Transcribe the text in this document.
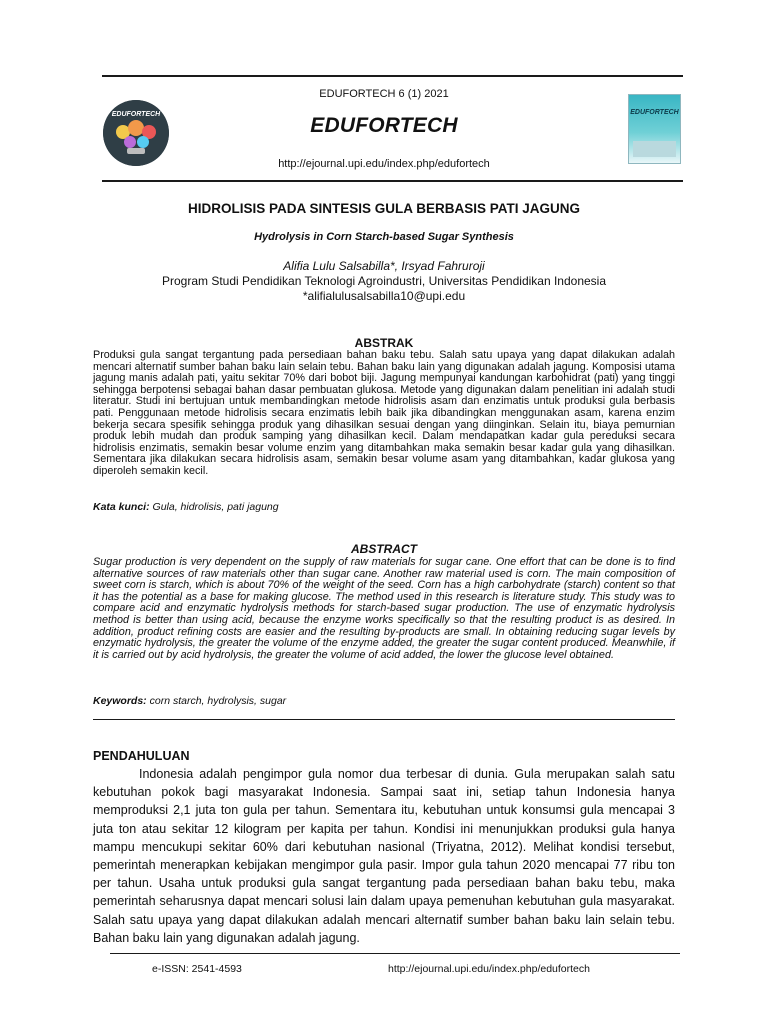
EDUFORTECH	EDUFORTECH
EDUFORTECH 6 (1) 2021
EDUFORTECH
http://ejournal.upi.edu/index.php/edufortech
HIDROLISIS PADA SINTESIS GULA BERBASIS PATI JAGUNG
Hydrolysis in Corn Starch-based Sugar Synthesis
Alifia Lulu Salsabilla*, Irsyad Fahruroji
Program Studi Pendidikan Teknologi Agroindustri, Universitas Pendidikan Indonesia
*alifialulusalsabilla10@upi.edu
ABSTRAK

Produksi gula sangat tergantung pada persediaan bahan baku tebu. Salah satu upaya yang dapat dilakukan adalah mencari alternatif sumber bahan baku lain selain tebu. Bahan baku lain yang digunakan adalah jagung. Komposisi utama jagung manis adalah pati, yaitu sekitar 70% dari bobot biji. Jagung mempunyai kandungan karbohidrat (pati) yang tinggi sehingga berpotensi sebagai bahan dasar pembuatan glukosa. Metode yang digunakan dalam penelitian ini adalah studi literatur. Studi ini bertujuan untuk membandingkan metode hidrolisis asam dan enzimatis untuk produksi gula berbasis pati. Penggunaan metode hidrolisis secara enzimatis lebih baik jika dibandingkan menggunakan asam, karena enzim bekerja secara spesifik sehingga produk yang dihasilkan sesuai dengan yang diinginkan. Selain itu, biaya pemurnian produk lebih mudah dan produk samping yang dihasilkan kecil. Dalam mendapatkan kadar gula pereduksi secara hidrolisis enzimatis, semakin besar volume enzim yang ditambahkan maka semakin besar kadar gula yang dihasilkan. Sementara jika dilakukan secara hidrolisis asam, semakin besar volume asam yang ditambahkan, kadar glukosa yang diperoleh semakin kecil.

Kata kunci: Gula, hidrolisis, pati jagung
ABSTRACT

Sugar production is very dependent on the supply of raw materials for sugar cane. One effort that can be done is to find alternative sources of raw materials other than sugar cane. Another raw material used is corn. The main composition of sweet corn is starch, which is about 70% of the weight of the seed. Corn has a high carbohydrate (starch) content so that it has the potential as a base for making glucose. The method used in this research is literature study. This study was to compare acid and enzymatic hydrolysis methods for starch-based sugar production. The use of enzymatic hydrolysis method is better than using acid, because the enzyme works specifically so that the resulting product is as desired. In addition, product refining costs are easier and the resulting by-products are small. In obtaining reducing sugar levels by enzymatic hydrolysis, the greater the volume of the enzyme added, the greater the sugar content produced. Meanwhile, if it is carried out by acid hydrolysis, the greater the volume of acid added, the lower the glucose level obtained.

Keywords: corn starch, hydrolysis, sugar
PENDAHULUAN

Indonesia adalah pengimpor gula nomor dua terbesar di dunia. Gula merupakan salah satu kebutuhan pokok bagi masyarakat Indonesia. Sampai saat ini, setiap tahun Indonesia hanya memproduksi 2,1 juta ton gula per tahun. Sementara itu, kebutuhan untuk konsumsi gula mencapai 3 juta ton atau sekitar 12 kilogram per kapita per tahun. Kondisi ini menunjukkan produksi gula hanya mampu mencukupi sekitar 60% dari kebutuhan nasional (Triyatna, 2012). Melihat kondisi tersebut, pemerintah menerapkan kebijakan mengimpor gula pasir. Impor gula tahun 2020 mencapai 77 ribu ton per tahun. Usaha untuk produksi gula sangat tergantung pada persediaan bahan baku tebu, maka pemerintah seharusnya dapat mencari solusi lain dalam upaya pemenuhan kebutuhan gula masyarakat. Salah satu upaya yang dapat dilakukan adalah mencari alternatif sumber bahan baku lain selain tebu. Bahan baku lain yang digunakan adalah jagung.

e-ISSN: 2541-4593	http://ejournal.upi.edu/index.php/edufortech
